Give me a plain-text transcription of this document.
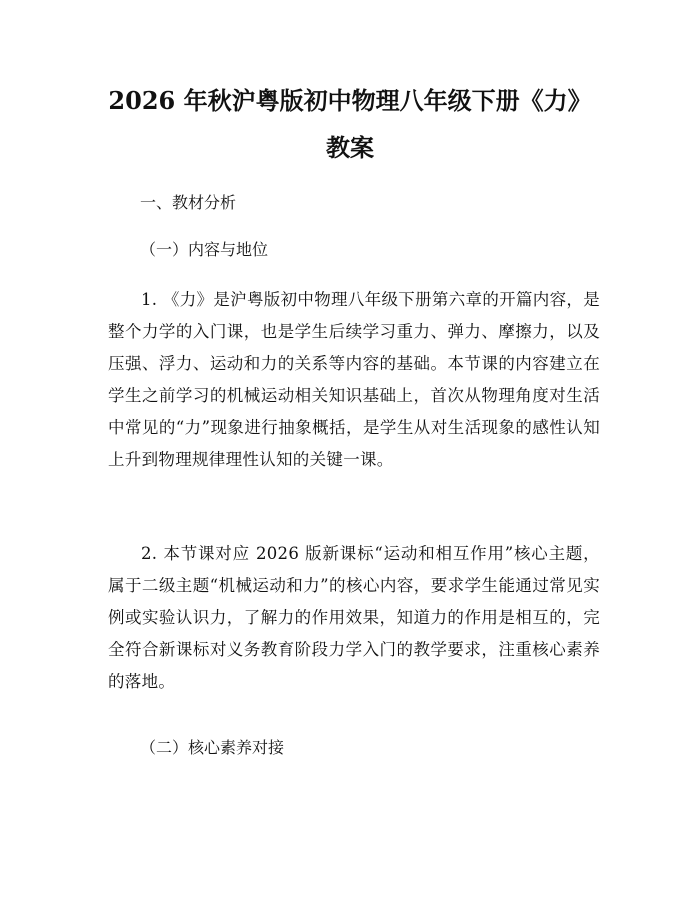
2026 年秋沪粤版初中物理八年级下册《力》
教案
一、教材分析
（一）内容与地位

1. 《力》是沪粤版初中物理八年级下册第六章的开篇内容，是整个力学的入门课，也是学生后续学习重力、弹力、摩擦力，以及压强、浮力、运动和力的关系等内容的基础。本节课的内容建立在学生之前学习的机械运动相关知识基础上，首次从物理角度对生活中常见的“力”现象进行抽象概括，是学生从对生活现象的感性认知上升到物理规律理性认知的关键一课。

2. 本节课对应 2026 版新课标“运动和相互作用”核心主题，属于二级主题“机械运动和力”的核心内容，要求学生能通过常见实例或实验认识力，了解力的作用效果，知道力的作用是相互的，完全符合新课标对义务教育阶段力学入门的教学要求，注重核心素养的落地。

（二）核心素养对接
